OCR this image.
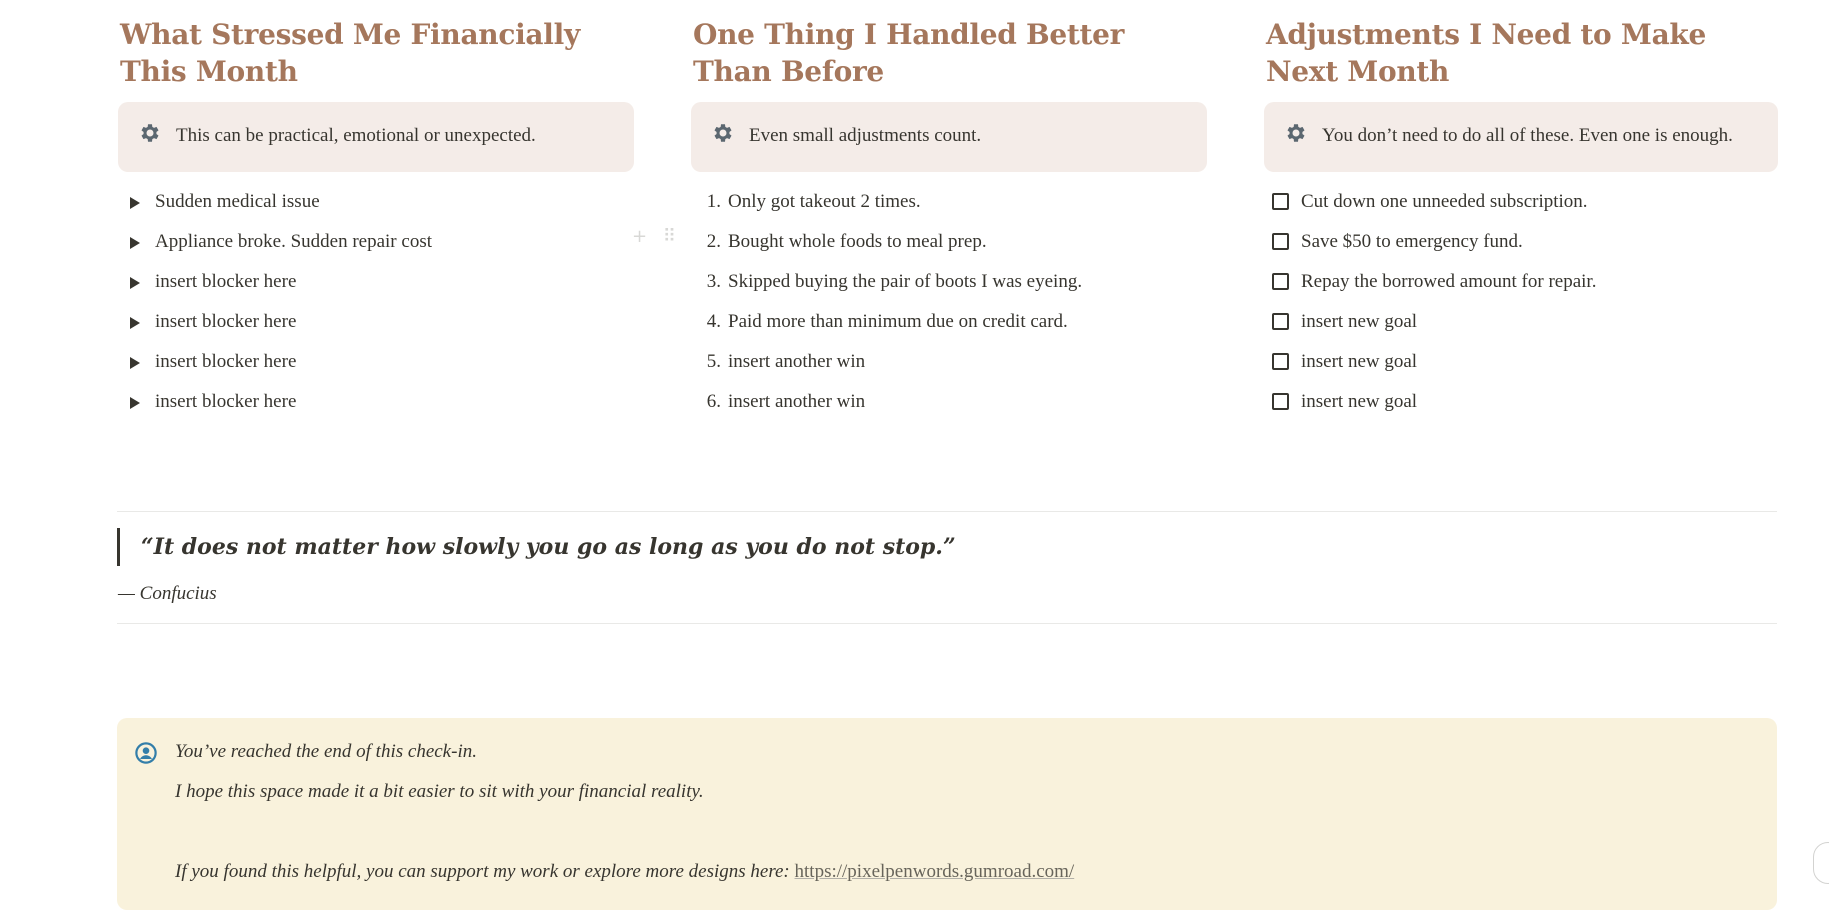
What Stressed Me Financially This Month
This can be practical, emotional or unexpected.
Sudden medical issue
Appliance broke. Sudden repair cost
insert blocker here
insert blocker here
insert blocker here
insert blocker here
One Thing I Handled Better Than Before
Even small adjustments count.
1 . Only got takeout 2 times.
2 . Bought whole foods to meal prep.
3 . Skipped buying the pair of boots I was eyeing.
4 . Paid more than minimum due on credit card.
5 . insert another win
6 . insert another win
Adjustments I Need to Make Next Month
You don’t need to do all of these. Even one is enough.
Cut down one unneeded subscription.
Save $50 to emergency fund.
Repay the borrowed amount for repair.
insert new goal
insert new goal
insert new goal
+ ⠿
“It does not matter how slowly you go as long as you do not stop.”
— Confucius
You’ve reached the end of this check-in.
I hope this space made it a bit easier to sit with your financial reality.
If you found this helpful, you can support my work or explore more designs here: https://pixelpenwords.gumroad.com/
